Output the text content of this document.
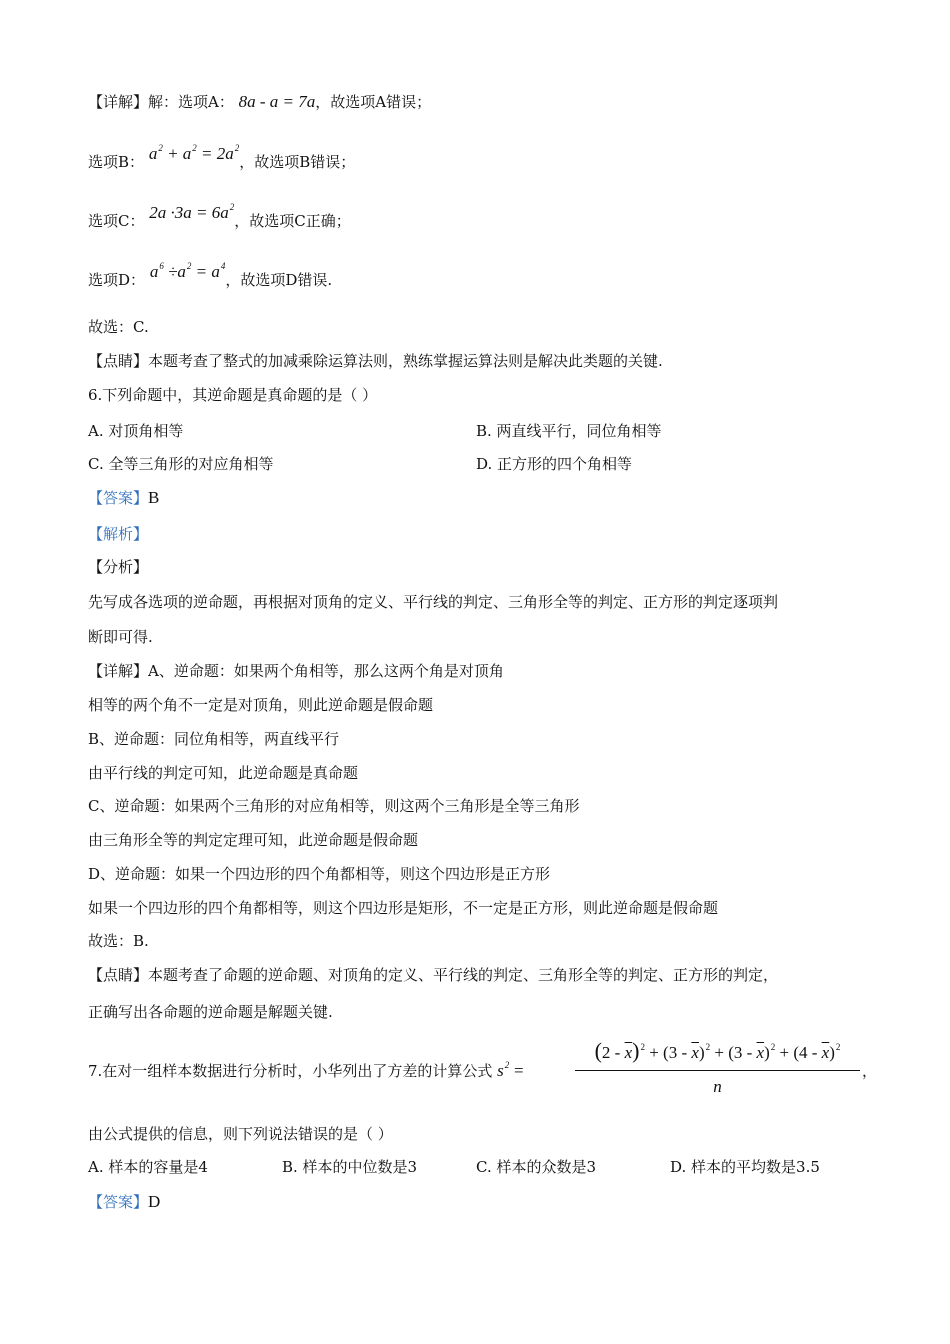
【详解】解：选项A： 8a - a = 7a，故选项A错误；
选项B： $a^2 + a^2 = 2a^2$，故选项B错误；
选项C： $2a \cdot 3a = 6a^2$，故选项C正确；
选项D： $a^6 \div a^2 = a^4$，故选项D错误.
故选：C.
【点睛】本题考查了整式的加减乘除运算法则，熟练掌握运算法则是解决此类题的关键.
6.下列命题中，其逆命题是真命题的是（ ）
A. 对顶角相等	B. 两直线平行，同位角相等
C. 全等三角形的对应角相等	D. 正方形的四个角相等
【答案】B
【解析】
【分析】
先写成各选项的逆命题，再根据对顶角的定义、平行线的判定、三角形全等的判定、正方形的判定逐项判
断即可得.
【详解】A、逆命题：如果两个角相等，那么这两个角是对顶角
相等的两个角不一定是对顶角，则此逆命题是假命题
B、逆命题：同位角相等，两直线平行
由平行线的判定可知，此逆命题是真命题
C、逆命题：如果两个三角形的对应角相等，则这两个三角形是全等三角形
由三角形全等的判定定理可知，此逆命题是假命题
D、逆命题：如果一个四边形的四个角都相等，则这个四边形是正方形
如果一个四边形的四个角都相等，则这个四边形是矩形，不一定是正方形，则此逆命题是假命题
故选：B.
【点睛】本题考查了命题的逆命题、对顶角的定义、平行线的判定、三角形全等的判定、正方形的判定，
正确写出各命题的逆命题是解题关键.
7.在对一组样本数据进行分析时，小华列出了方差的计算公式 $s^2$ =
$(2 - \overline{x})^2 + (3 - \overline{x})^2 + (3 - \overline{x})^2 + (4 - \overline{x})^2$
n
，
由公式提供的信息，则下列说法错误的是（ ）
A. 样本的容量是4	B. 样本的中位数是3	C. 样本的众数是3	D. 样本的平均数是3.5
【答案】D
